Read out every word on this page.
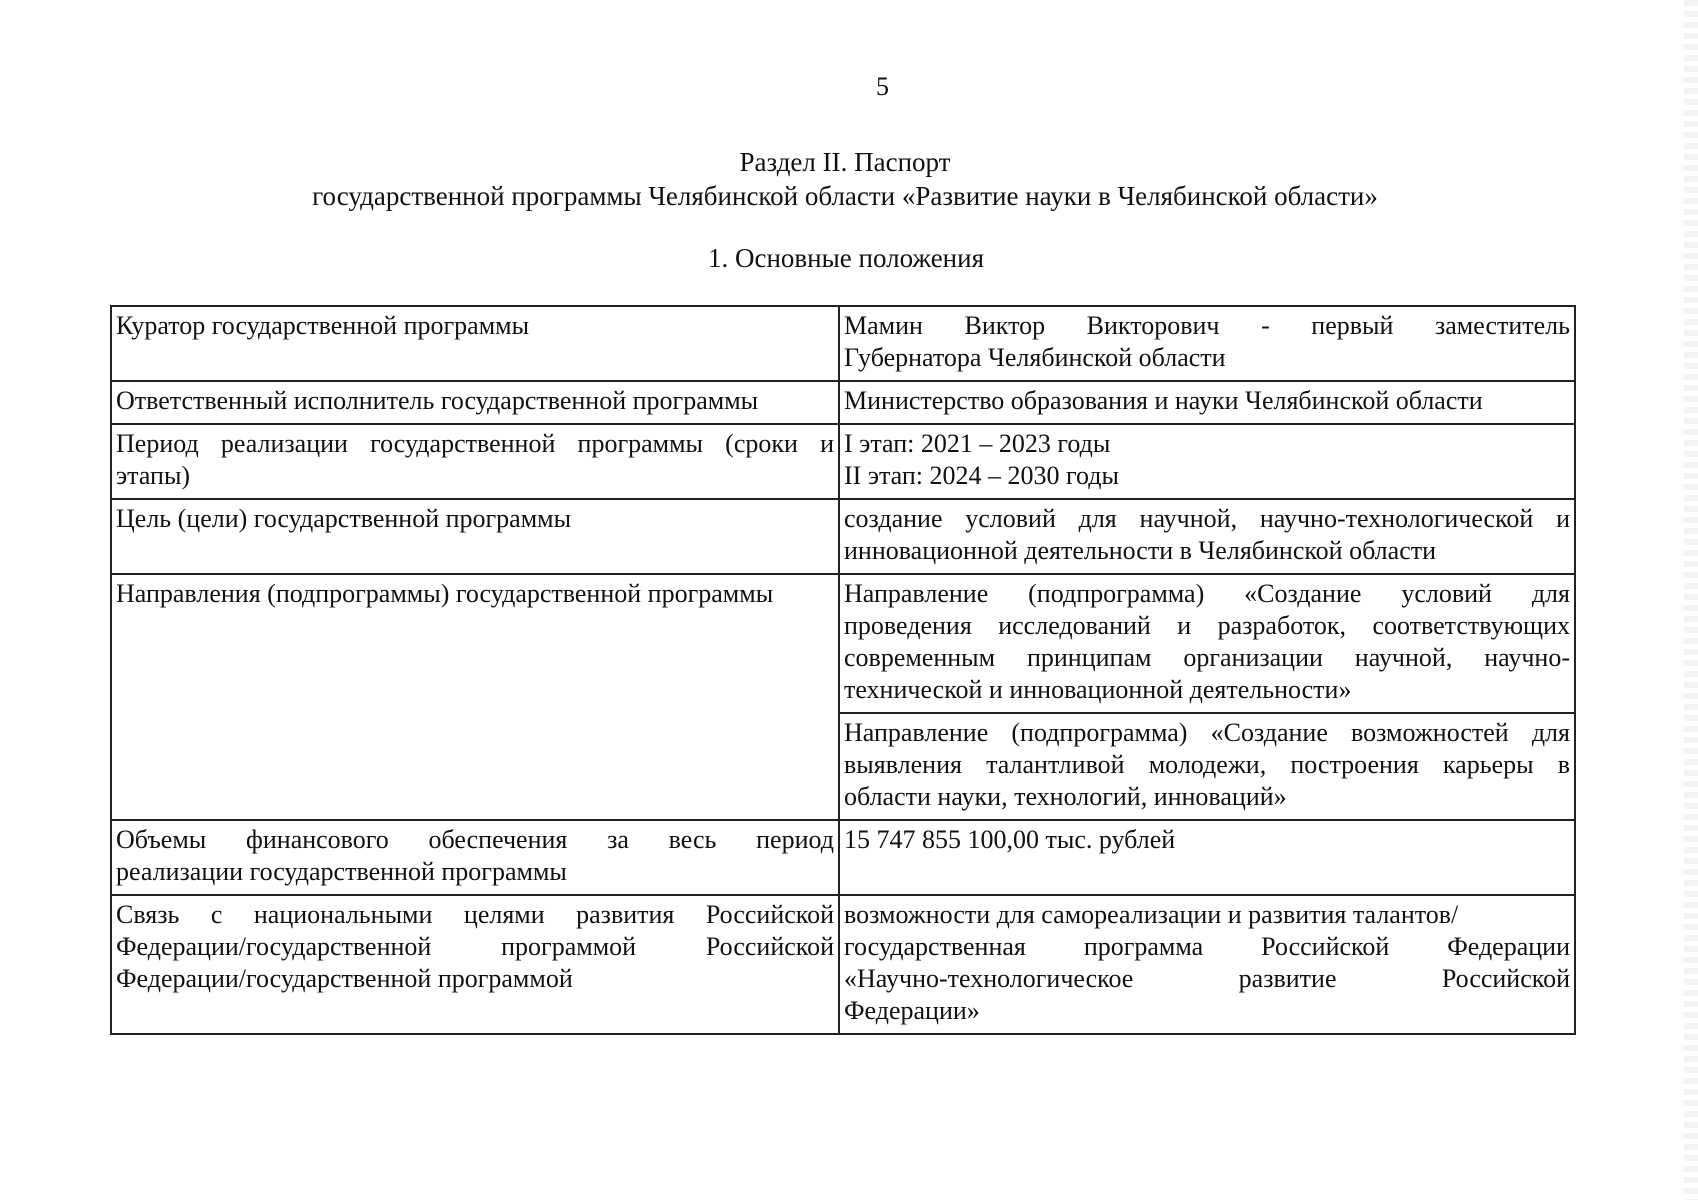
5
Раздел II. Паспорт
государственной программы Челябинской области «Развитие науки в Челябинской области»
1. Основные положения
Куратор государственной программы	Мамин Виктор Викторович - первый заместитель
Губернатора Челябинской области

Ответственный исполнитель государственной программы	Министерство образования и науки Челябинской области

Период реализации государственной программы (сроки и
этапы)	I этап: 2021 – 2023 годы
II этап: 2024 – 2030 годы

Цель (цели) государственной программы	создание условий для научной, научно-технологической и
инновационной деятельности в Челябинской области

Направления (подпрограммы) государственной программы	Направление (подпрограмма) «Создание условий для
проведения исследований и разработок, соответствующих
современным принципам организации научной, научно-
технической и инновационной деятельности»

	Направление (подпрограмма) «Создание возможностей для
выявления талантливой молодежи, построения карьеры в
области науки, технологий, инноваций»

Объемы финансового обеспечения за весь период
реализации государственной программы	15 747 855 100,00 тыс. рублей

Связь с национальными целями развития Российской
Федерации/государственной программой Российской
Федерации/государственной программой	возможности для самореализации и развития талантов/
государственная программа Российской Федерации
«Научно-технологическое развитие Российской
Федерации»
